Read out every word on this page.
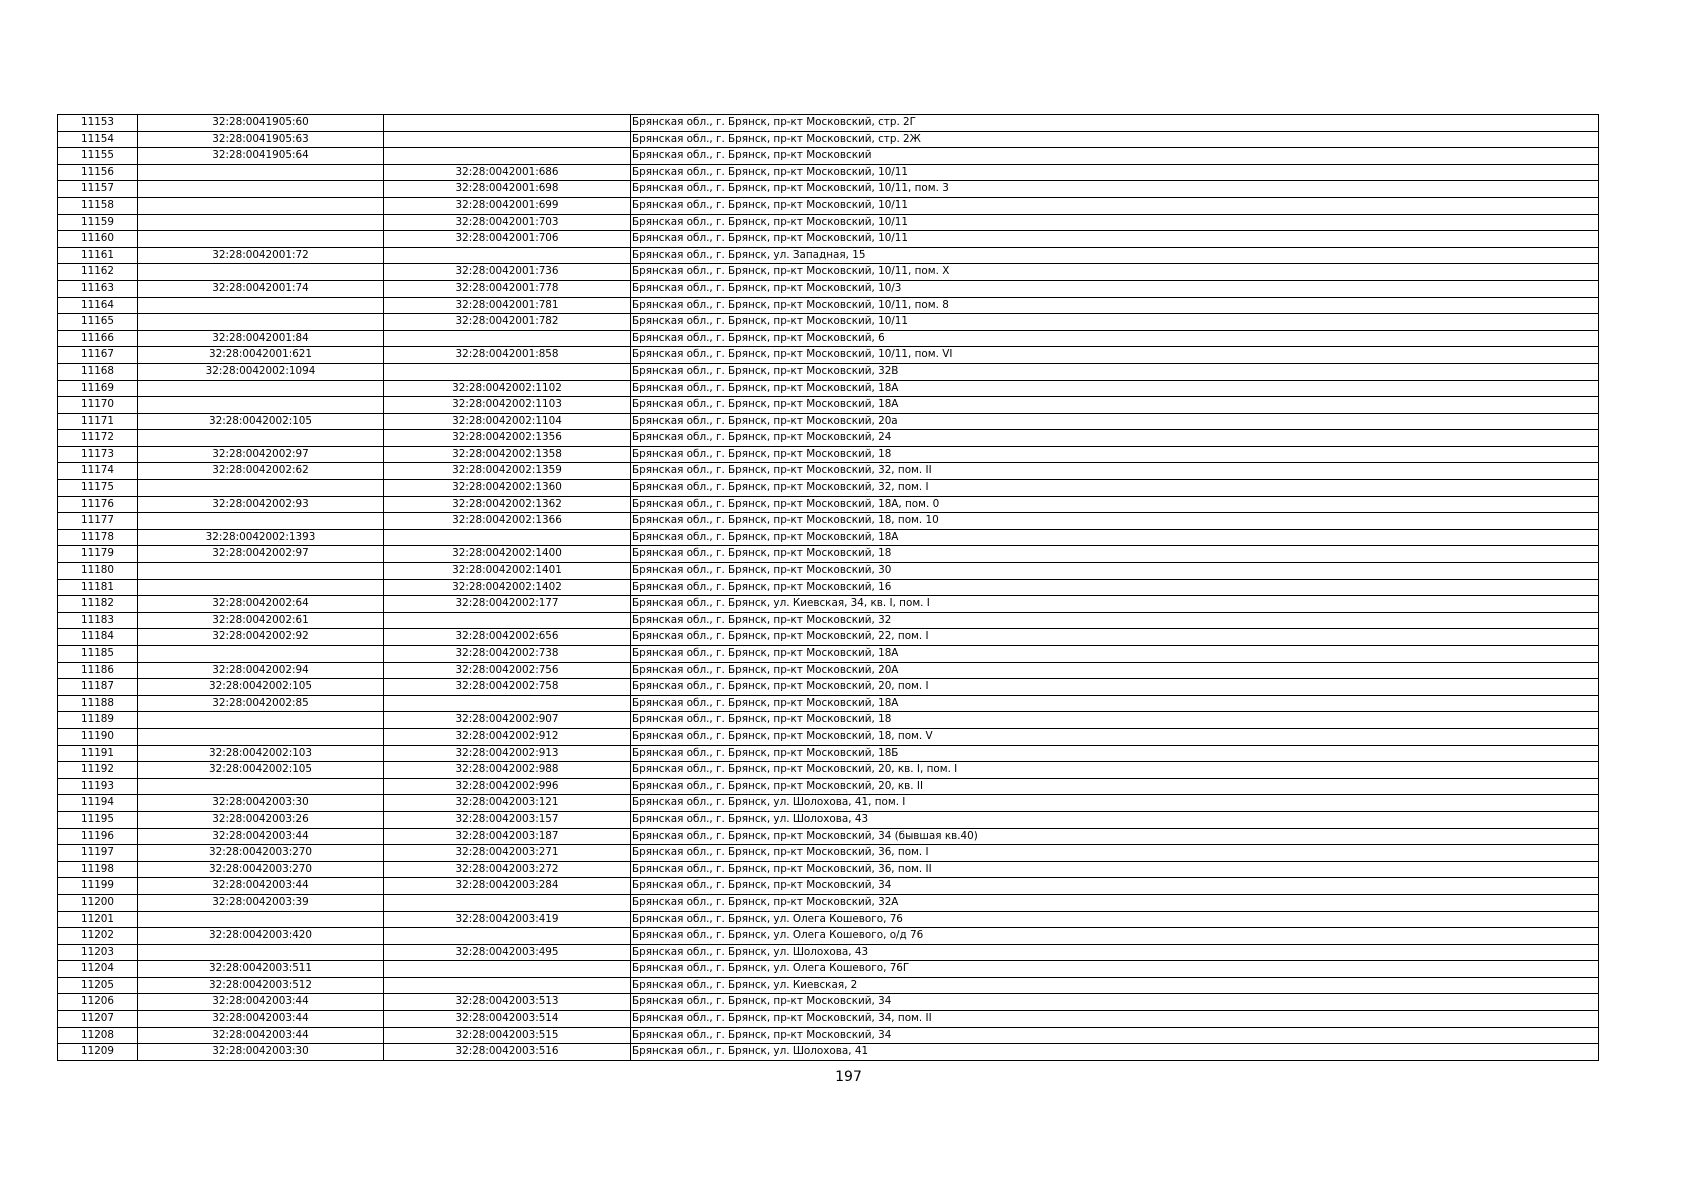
11153	32:28:0041905:60		Брянская обл., г. Брянск, пр-кт Московский, стр. 2Г
11154	32:28:0041905:63		Брянская обл., г. Брянск, пр-кт Московский, стр. 2Ж
11155	32:28:0041905:64		Брянская обл., г. Брянск, пр-кт Московский
11156		32:28:0042001:686	Брянская обл., г. Брянск, пр-кт Московский, 10/11
11157		32:28:0042001:698	Брянская обл., г. Брянск, пр-кт Московский, 10/11, пом. 3
11158		32:28:0042001:699	Брянская обл., г. Брянск, пр-кт Московский, 10/11
11159		32:28:0042001:703	Брянская обл., г. Брянск, пр-кт Московский, 10/11
11160		32:28:0042001:706	Брянская обл., г. Брянск, пр-кт Московский, 10/11
11161	32:28:0042001:72		Брянская обл., г. Брянск, ул. Западная, 15
11162		32:28:0042001:736	Брянская обл., г. Брянск, пр-кт Московский, 10/11, пом. X
11163	32:28:0042001:74	32:28:0042001:778	Брянская обл., г. Брянск, пр-кт Московский, 10/3
11164		32:28:0042001:781	Брянская обл., г. Брянск, пр-кт Московский, 10/11, пом. 8
11165		32:28:0042001:782	Брянская обл., г. Брянск, пр-кт Московский, 10/11
11166	32:28:0042001:84		Брянская обл., г. Брянск, пр-кт Московский, 6
11167	32:28:0042001:621	32:28:0042001:858	Брянская обл., г. Брянск, пр-кт Московский, 10/11, пом. VI
11168	32:28:0042002:1094		Брянская обл., г. Брянск, пр-кт Московский, 32В
11169		32:28:0042002:1102	Брянская обл., г. Брянск, пр-кт Московский, 18А
11170		32:28:0042002:1103	Брянская обл., г. Брянск, пр-кт Московский, 18А
11171	32:28:0042002:105	32:28:0042002:1104	Брянская обл., г. Брянск, пр-кт Московский, 20а
11172		32:28:0042002:1356	Брянская обл., г. Брянск, пр-кт Московский, 24
11173	32:28:0042002:97	32:28:0042002:1358	Брянская обл., г. Брянск, пр-кт Московский, 18
11174	32:28:0042002:62	32:28:0042002:1359	Брянская обл., г. Брянск, пр-кт Московский, 32, пом. II
11175		32:28:0042002:1360	Брянская обл., г. Брянск, пр-кт Московский, 32, пом. I
11176	32:28:0042002:93	32:28:0042002:1362	Брянская обл., г. Брянск, пр-кт Московский, 18А, пом. 0
11177		32:28:0042002:1366	Брянская обл., г. Брянск, пр-кт Московский, 18, пом. 10
11178	32:28:0042002:1393		Брянская обл., г. Брянск, пр-кт Московский, 18А
11179	32:28:0042002:97	32:28:0042002:1400	Брянская обл., г. Брянск, пр-кт Московский, 18
11180		32:28:0042002:1401	Брянская обл., г. Брянск, пр-кт Московский, 30
11181		32:28:0042002:1402	Брянская обл., г. Брянск, пр-кт Московский, 16
11182	32:28:0042002:64	32:28:0042002:177	Брянская обл., г. Брянск, ул. Киевская, 34, кв. I, пом. I
11183	32:28:0042002:61		Брянская обл., г. Брянск, пр-кт Московский, 32
11184	32:28:0042002:92	32:28:0042002:656	Брянская обл., г. Брянск, пр-кт Московский, 22, пом. I
11185		32:28:0042002:738	Брянская обл., г. Брянск, пр-кт Московский, 18А
11186	32:28:0042002:94	32:28:0042002:756	Брянская обл., г. Брянск, пр-кт Московский, 20А
11187	32:28:0042002:105	32:28:0042002:758	Брянская обл., г. Брянск, пр-кт Московский, 20, пом. I
11188	32:28:0042002:85		Брянская обл., г. Брянск, пр-кт Московский, 18А
11189		32:28:0042002:907	Брянская обл., г. Брянск, пр-кт Московский, 18
11190		32:28:0042002:912	Брянская обл., г. Брянск, пр-кт Московский, 18, пом. V
11191	32:28:0042002:103	32:28:0042002:913	Брянская обл., г. Брянск, пр-кт Московский, 18Б
11192	32:28:0042002:105	32:28:0042002:988	Брянская обл., г. Брянск, пр-кт Московский, 20, кв. I, пом. I
11193		32:28:0042002:996	Брянская обл., г. Брянск, пр-кт Московский, 20, кв. II
11194	32:28:0042003:30	32:28:0042003:121	Брянская обл., г. Брянск, ул. Шолохова, 41, пом. I
11195	32:28:0042003:26	32:28:0042003:157	Брянская обл., г. Брянск, ул. Шолохова, 43
11196	32:28:0042003:44	32:28:0042003:187	Брянская обл., г. Брянск, пр-кт Московский, 34 (бывшая кв.40)
11197	32:28:0042003:270	32:28:0042003:271	Брянская обл., г. Брянск, пр-кт Московский, 36, пом. I
11198	32:28:0042003:270	32:28:0042003:272	Брянская обл., г. Брянск, пр-кт Московский, 36, пом. II
11199	32:28:0042003:44	32:28:0042003:284	Брянская обл., г. Брянск, пр-кт Московский, 34
11200	32:28:0042003:39		Брянская обл., г. Брянск, пр-кт Московский, 32А
11201		32:28:0042003:419	Брянская обл., г. Брянск, ул. Олега Кошевого, 76
11202	32:28:0042003:420		Брянская обл., г. Брянск, ул. Олега Кошевого, о/д 76
11203		32:28:0042003:495	Брянская обл., г. Брянск, ул. Шолохова, 43
11204	32:28:0042003:511		Брянская обл., г. Брянск, ул. Олега Кошевого, 76Г
11205	32:28:0042003:512		Брянская обл., г. Брянск, ул. Киевская, 2
11206	32:28:0042003:44	32:28:0042003:513	Брянская обл., г. Брянск, пр-кт Московский, 34
11207	32:28:0042003:44	32:28:0042003:514	Брянская обл., г. Брянск, пр-кт Московский, 34, пом. II
11208	32:28:0042003:44	32:28:0042003:515	Брянская обл., г. Брянск, пр-кт Московский, 34
11209	32:28:0042003:30	32:28:0042003:516	Брянская обл., г. Брянск, ул. Шолохова, 41
197
